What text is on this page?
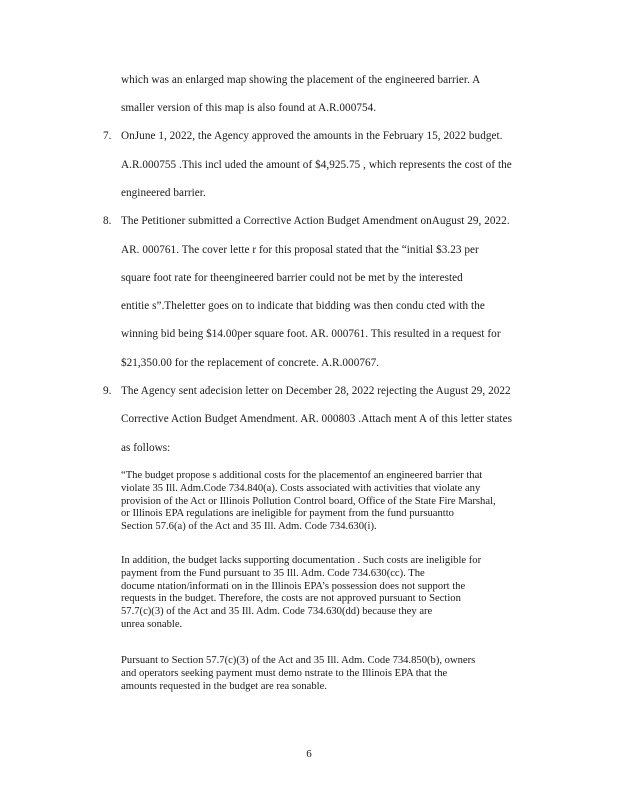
which was an enlarged map showing the placement of the engineered barrier. A
smaller version of this map is also found at A.R.000754.
7. OnJune 1, 2022, the Agency approved the amounts in the February 15, 2022 budget.
A.R.000755 .This incl uded the amount of $4,925.75 , which represents the cost of the
engineered barrier.
8. The Petitioner submitted a Corrective Action Budget Amendment onAugust 29, 2022.
AR. 000761. The cover lette r for this proposal stated that the “initial $3.23 per
square foot rate for theengineered barrier could not be met by the interested
entitie s”.Theletter goes on to indicate that bidding was then condu cted with the
winning bid being $14.00per square foot. AR. 000761. This resulted in a request for
$21,350.00 for the replacement of concrete. A.R.000767.
9. The Agency sent adecision letter on December 28, 2022 rejecting the August 29, 2022
Corrective Action Budget Amendment. AR. 000803 .Attach ment A of this letter states
as follows:
“The budget propose s additional costs for the placementof an engineered barrier that
violate 35 Ill. Adm.Code 734.840(a). Costs associated with activities that violate any
provision of the Act or Illinois Pollution Control board, Office of the State Fire Marshal,
or Illinois EPA regulations are ineligible for payment from the fund pursuantto
Section 57.6(a) of the Act and 35 Ill. Adm. Code 734.630(i).
In addition, the budget lacks supporting documentation . Such costs are ineligible for
payment from the Fund pursuant to 35 Ill. Adm. Code 734.630(cc). The
docume ntation/informati on in the Illinois EPA’s possession does not support the
requests in the budget. Therefore, the costs are not approved pursuant to Section
57.7(c)(3) of the Act and 35 Ill. Adm. Code 734.630(dd) because they are
unrea sonable.
Pursuant to Section 57.7(c)(3) of the Act and 35 Ill. Adm. Code 734.850(b), owners
and operators seeking payment must demo nstrate to the Illinois EPA that the
amounts requested in the budget are rea sonable.
6
